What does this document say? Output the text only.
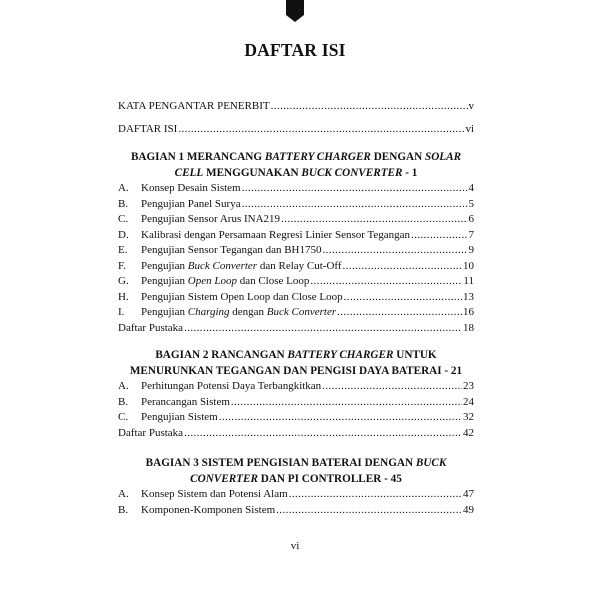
DAFTAR ISI
KATA PENGANTAR PENERBIT .....	v
DAFTAR ISI .....	vi
BAGIAN 1 MERANCANG BATTERY CHARGER DENGAN SOLAR
CELL MENGGUNAKAN BUCK CONVERTER - 1
A.	Konsep Desain Sistem .....	4
B.	Pengujian Panel Surya .....	5
C.	Pengujian Sensor Arus INA219 .....	6
D.	Kalibrasi dengan Persamaan Regresi Linier Sensor Tegangan .....	7
E.	Pengujian Sensor Tegangan dan BH1750 .....	9
F.	Pengujian Buck Converter dan Relay Cut-Off .....	10
G.	Pengujian Open Loop dan Close Loop .....	11
H.	Pengujian Sistem Open Loop dan Close Loop .....	13
I.	Pengujian Charging dengan Buck Converter .....	16
Daftar Pustaka .....	18
BAGIAN 2 RANCANGAN BATTERY CHARGER UNTUK
MENURUNKAN TEGANGAN DAN PENGISI DAYA BATERAI - 21
A.	Perhitungan Potensi Daya Terbangkitkan .....	23
B.	Perancangan Sistem .....	24
C.	Pengujian Sistem .....	32
Daftar Pustaka .....	42
BAGIAN 3 SISTEM PENGISIAN BATERAI DENGAN BUCK
CONVERTER DAN PI CONTROLLER - 45
A.	Konsep Sistem dan Potensi Alam .....	47
B.	Komponen-Komponen Sistem .....	49
vi
